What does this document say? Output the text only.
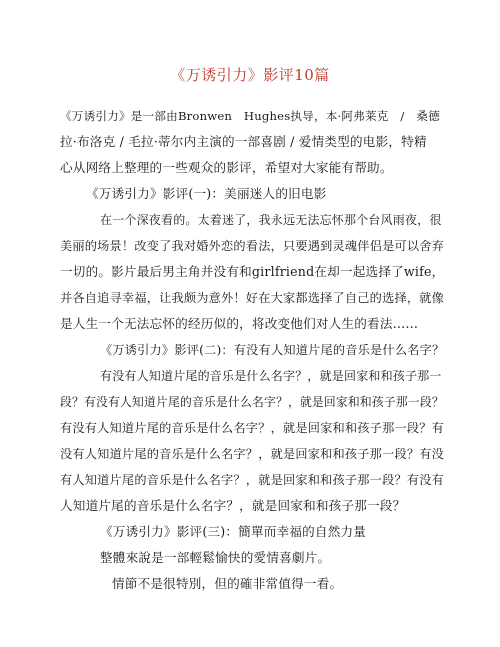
《万诱引力》影评10篇
《万诱引力》是一部由Bronwen　Hughes执导，本·阿弗莱克　/　桑德
拉·布洛克 / 毛拉·蒂尔内主演的一部喜剧 / 爱情类型的电影，特精
心从网络上整理的一些观众的影评，希望对大家能有帮助。
《万诱引力》影评(一)：美丽迷人的旧电影
在一个深夜看的。太着迷了，我永远无法忘怀那个台风雨夜，很
美丽的场景！改变了我对婚外恋的看法，只要遇到灵魂伴侣是可以舍弃
一切的。影片最后男主角并没有和girlfriend在却一起选择了wife，
并各自追寻幸福，让我颇为意外！好在大家都选择了自己的选择，就像
是人生一个无法忘怀的经历似的，将改变他们对人生的看法……
《万诱引力》影评(二)：有没有人知道片尾的音乐是什么名字？
有没有人知道片尾的音乐是什么名字？，就是回家和和孩子那一
段？有没有人知道片尾的音乐是什么名字？，就是回家和和孩子那一段？
有没有人知道片尾的音乐是什么名字？，就是回家和和孩子那一段？有
没有人知道片尾的音乐是什么名字？，就是回家和和孩子那一段？有没
有人知道片尾的音乐是什么名字？，就是回家和和孩子那一段？有没有
人知道片尾的音乐是什么名字？，就是回家和和孩子那一段？
《万诱引力》影评(三)：簡單而幸福的自然力量
整體來說是一部輕鬆愉快的愛情喜劇片。
情節不是很特別，但的確非常值得一看。
